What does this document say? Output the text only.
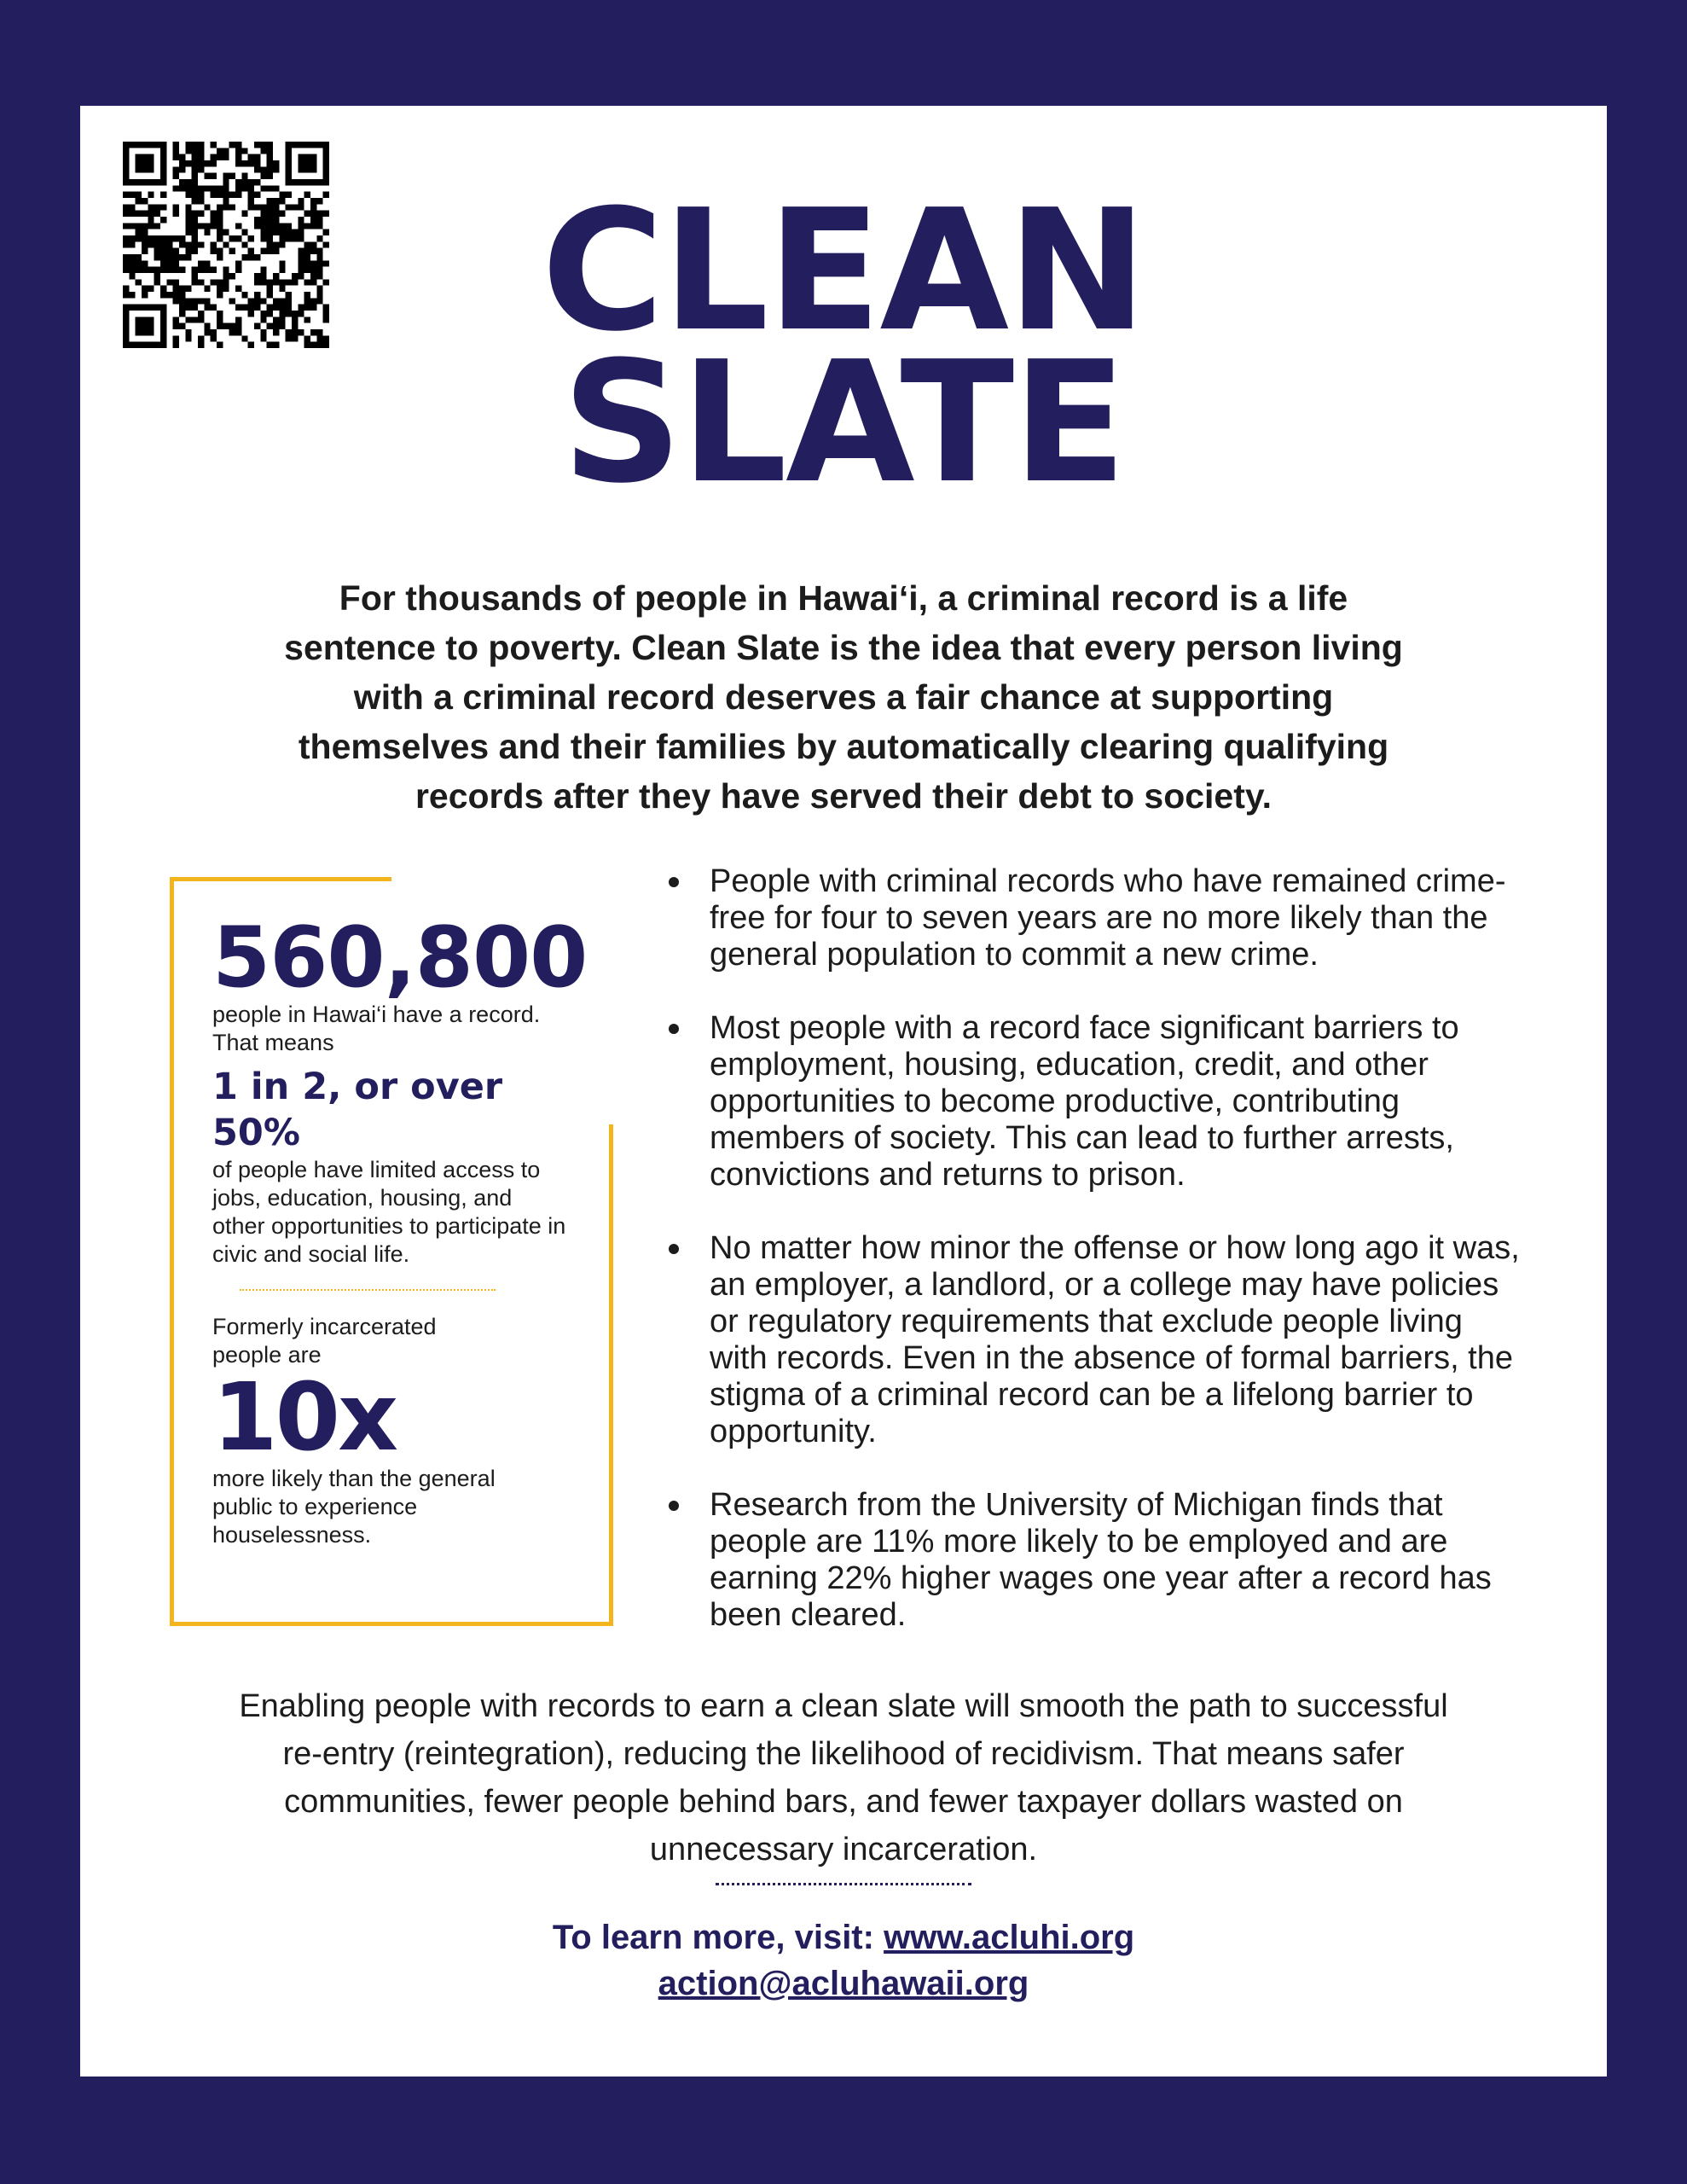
CLEAN
SLATE
For thousands of people in Hawai‘i, a criminal record is a life sentence to poverty. Clean Slate is the idea that every person living with a criminal record deserves a fair chance at supporting themselves and their families by automatically clearing qualifying records after they have served their debt to society.
560,800
people in Hawai‘i have a record. That means
1 in 2, or over 50%
of people have limited access to jobs, education, housing, and other opportunities to participate in civic and social life.
Formerly incarcerated people are
10x
more likely than the general public to experience houselessness.
People with criminal records who have remained crime-free for four to seven years are no more likely than the general population to commit a new crime.
Most people with a record face significant barriers to employment, housing, education, credit, and other opportunities to become productive, contributing members of society. This can lead to further arrests, convictions and returns to prison.
No matter how minor the offense or how long ago it was, an employer, a landlord, or a college may have policies or regulatory requirements that exclude people living with records. Even in the absence of formal barriers, the stigma of a criminal record can be a lifelong barrier to opportunity.
Research from the University of Michigan finds that people are 11% more likely to be employed and are earning 22% higher wages one year after a record has been cleared.
Enabling people with records to earn a clean slate will smooth the path to successful re-entry (reintegration), reducing the likelihood of recidivism. That means safer communities, fewer people behind bars, and fewer taxpayer dollars wasted on unnecessary incarceration.
To learn more, visit: www.acluhi.org
action@acluhawaii.org
